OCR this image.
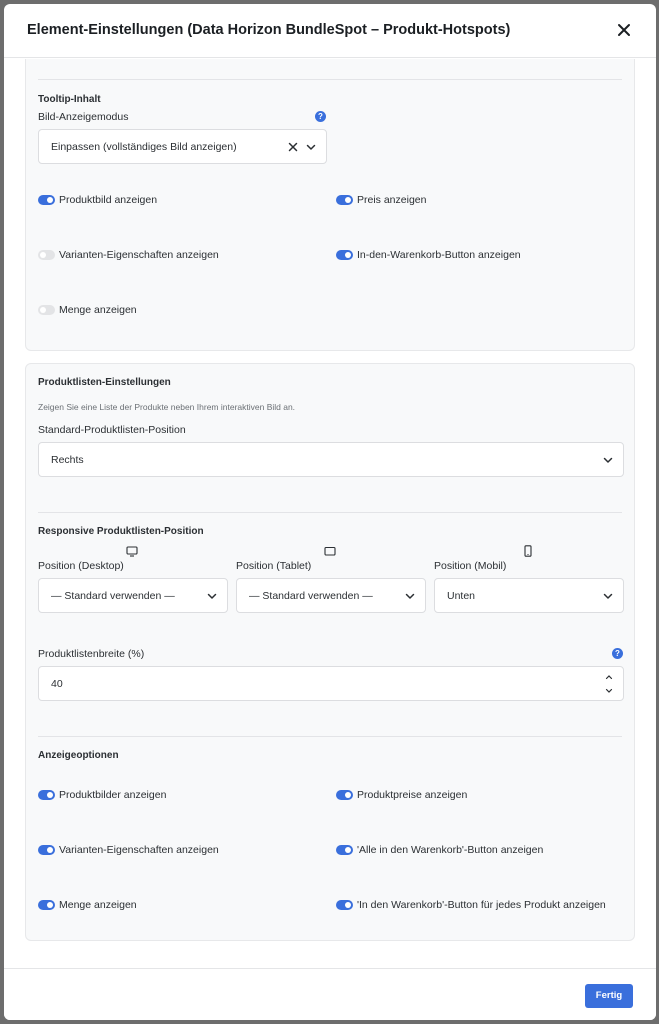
Element-Einstellungen (Data Horizon BundleSpot – Produkt-Hotspots)
Tooltip-Inhalt
Bild-Anzeigemodus	?
Einpassen (vollständiges Bild anzeigen)
Produktbild anzeigen	Preis anzeigen
Varianten-Eigenschaften anzeigen	In-den-Warenkorb-Button anzeigen
Menge anzeigen
Produktlisten-Einstellungen
Zeigen Sie eine Liste der Produkte neben Ihrem interaktiven Bild an.
Standard-Produktlisten-Position
Rechts
Responsive Produktlisten-Position
Position (Desktop)	Position (Tablet)	Position (Mobil)
— Standard verwenden —	— Standard verwenden —	Unten
Produktlistenbreite (%)	?
40
Anzeigeoptionen
Produktbilder anzeigen	Produktpreise anzeigen
Varianten-Eigenschaften anzeigen	'Alle in den Warenkorb'-Button anzeigen
Menge anzeigen	'In den Warenkorb'-Button für jedes Produkt anzeigen
Fertig
